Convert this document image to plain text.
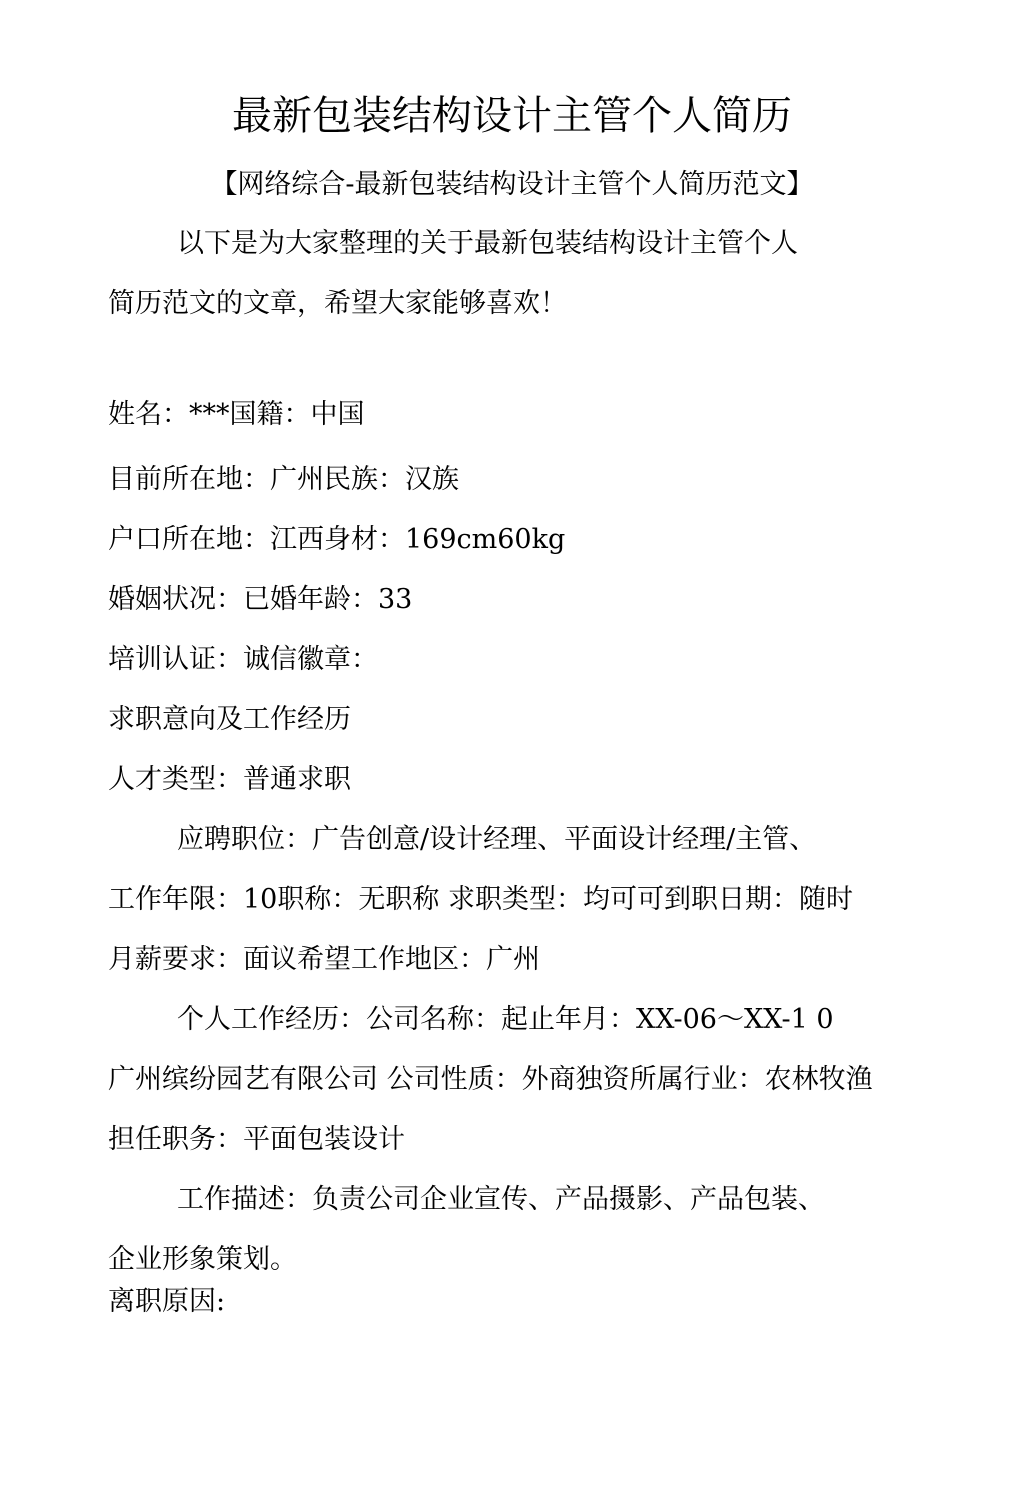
最新包装结构设计主管个人简历
【网络综合-最新包装结构设计主管个人简历范文】
以下是为大家整理的关于最新包装结构设计主管个人
简历范文的文章，希望大家能够喜欢！
姓名：***国籍：中国
目前所在地：广州民族：汉族
户口所在地：江西身材：169cm60kg
婚姻状况：已婚年龄：33
培训认证：诚信徽章：
求职意向及工作经历
人才类型：普通求职
应聘职位：广告创意/设计经理、平面设计经理/主管、
工作年限：10职称：无职称 求职类型：均可可到职日期：随时
月薪要求：面议希望工作地区：广州
个人工作经历：公司名称：起止年月：XX-06～XX-1 0
广州缤纷园艺有限公司 公司性质：外商独资所属行业：农林牧渔
担任职务：平面包装设计
工作描述：负责公司企业宣传、产品摄影、产品包装、
企业形象策划。
离职原因:
